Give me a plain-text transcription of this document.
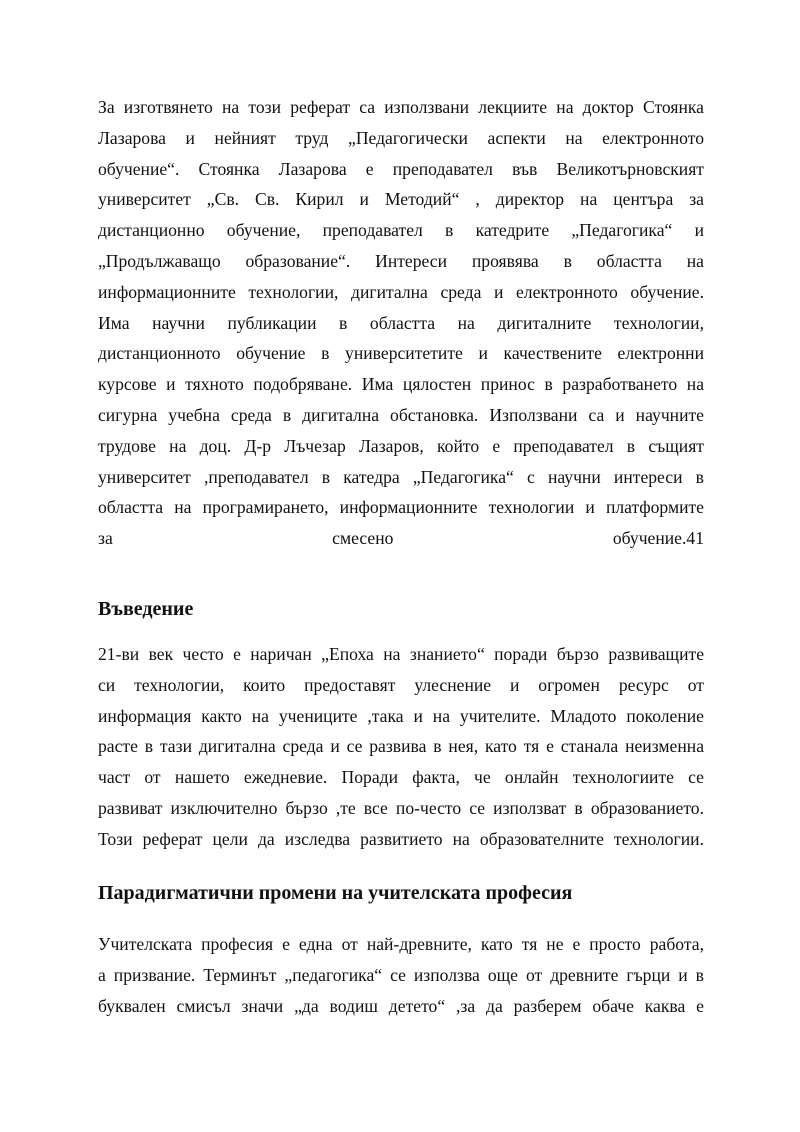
За изготвянето на този реферат са използвани лекциите на доктор Стоянка
Лазарова и нейният труд „Педагогически аспекти на електронното
обучение“. Стоянка Лазарова е преподавател във Великотърновският
университет „Св. Св. Кирил и Методий“ , директор на центъра за
дистанционно обучение, преподавател в катедрите „Педагогика“ и
„Продължаващо образование“. Интереси проявява в областта на
информационните технологии, дигитална среда и електронното обучение.
Има научни публикации в областта на дигиталните технологии,
дистанционното обучение в университетите и качествените електронни
курсове и тяхното подобряване. Има цялостен принос в разработването на
сигурна учебна среда в дигитална обстановка. Използвани са и научните
трудове на доц. Д-р Лъчезар Лазаров, който е преподавател в същият
университет ,преподавател в катедра „Педагогика“ с научни интереси в
областта на програмирането, информационните технологии и платформите
за смесено обучение.41
Въведение
21-ви век често е наричан „Епоха на знанието“ поради бързо развиващите
си технологии, които предоставят улеснение и огромен ресурс от
информация както на учениците ,така и на учителите. Младото поколение
расте в тази дигитална среда и се развива в нея, като тя е станала неизменна
част от нашето ежедневие. Поради факта, че онлайн технологиите се
развиват изключително бързо ,те все по-често се използват в образованието.
Този реферат цели да изследва развитието на образователните технологии.
Парадигматични промени на учителската професия
Учителската професия е една от най-древните, като тя не е просто работа,
а призвание. Терминът „педагогика“ се използва още от древните гърци и в
буквален смисъл значи „да водиш детето“ ,за да разберем обаче каква е
